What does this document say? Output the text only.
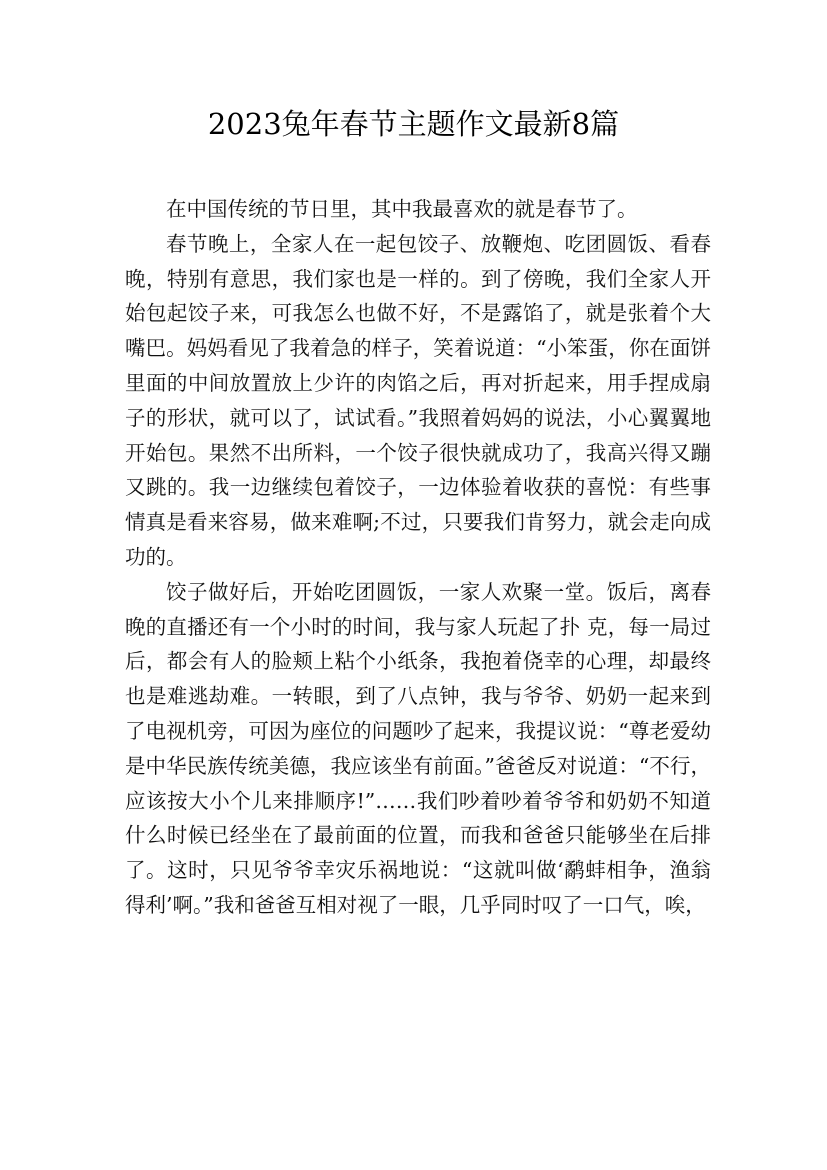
2023兔年春节主题作文最新8篇

在中国传统的节日里，其中我最喜欢的就是春节了。

春节晚上，全家人在一起包饺子、放鞭炮、吃团圆饭、看春晚，特别有意思，我们家也是一样的。到了傍晚，我们全家人开始包起饺子来，可我怎么也做不好，不是露馅了，就是张着个大嘴巴。妈妈看见了我着急的样子，笑着说道：“小笨蛋，你在面饼里面的中间放置放上少许的肉馅之后，再对折起来，用手捏成扇子的形状，就可以了，试试看。”我照着妈妈的说法，小心翼翼地开始包。果然不出所料，一个饺子很快就成功了，我高兴得又蹦又跳的。我一边继续包着饺子，一边体验着收获的喜悦：有些事情真是看来容易，做来难啊;不过，只要我们肯努力，就会走向成功的。

饺子做好后，开始吃团圆饭，一家人欢聚一堂。饭后，离春晚的直播还有一个小时的时间，我与家人玩起了扑 克，每一局过后，都会有人的脸颊上粘个小纸条，我抱着侥幸的心理，却最终也是难逃劫难。一转眼，到了八点钟，我与爷爷、奶奶一起来到了电视机旁，可因为座位的问题吵了起来，我提议说：“尊老爱幼是中华民族传统美德，我应该坐有前面。”爸爸反对说道：“不行，应该按大小个儿来排顺序!”……我们吵着吵着爷爷和奶奶不知道什么时候已经坐在了最前面的位置，而我和爸爸只能够坐在后排了。这时，只见爷爷幸灾乐祸地说：“这就叫做‘鹬蚌相争，渔翁得利’啊。”我和爸爸互相对视了一眼，几乎同时叹了一口气，唉，
